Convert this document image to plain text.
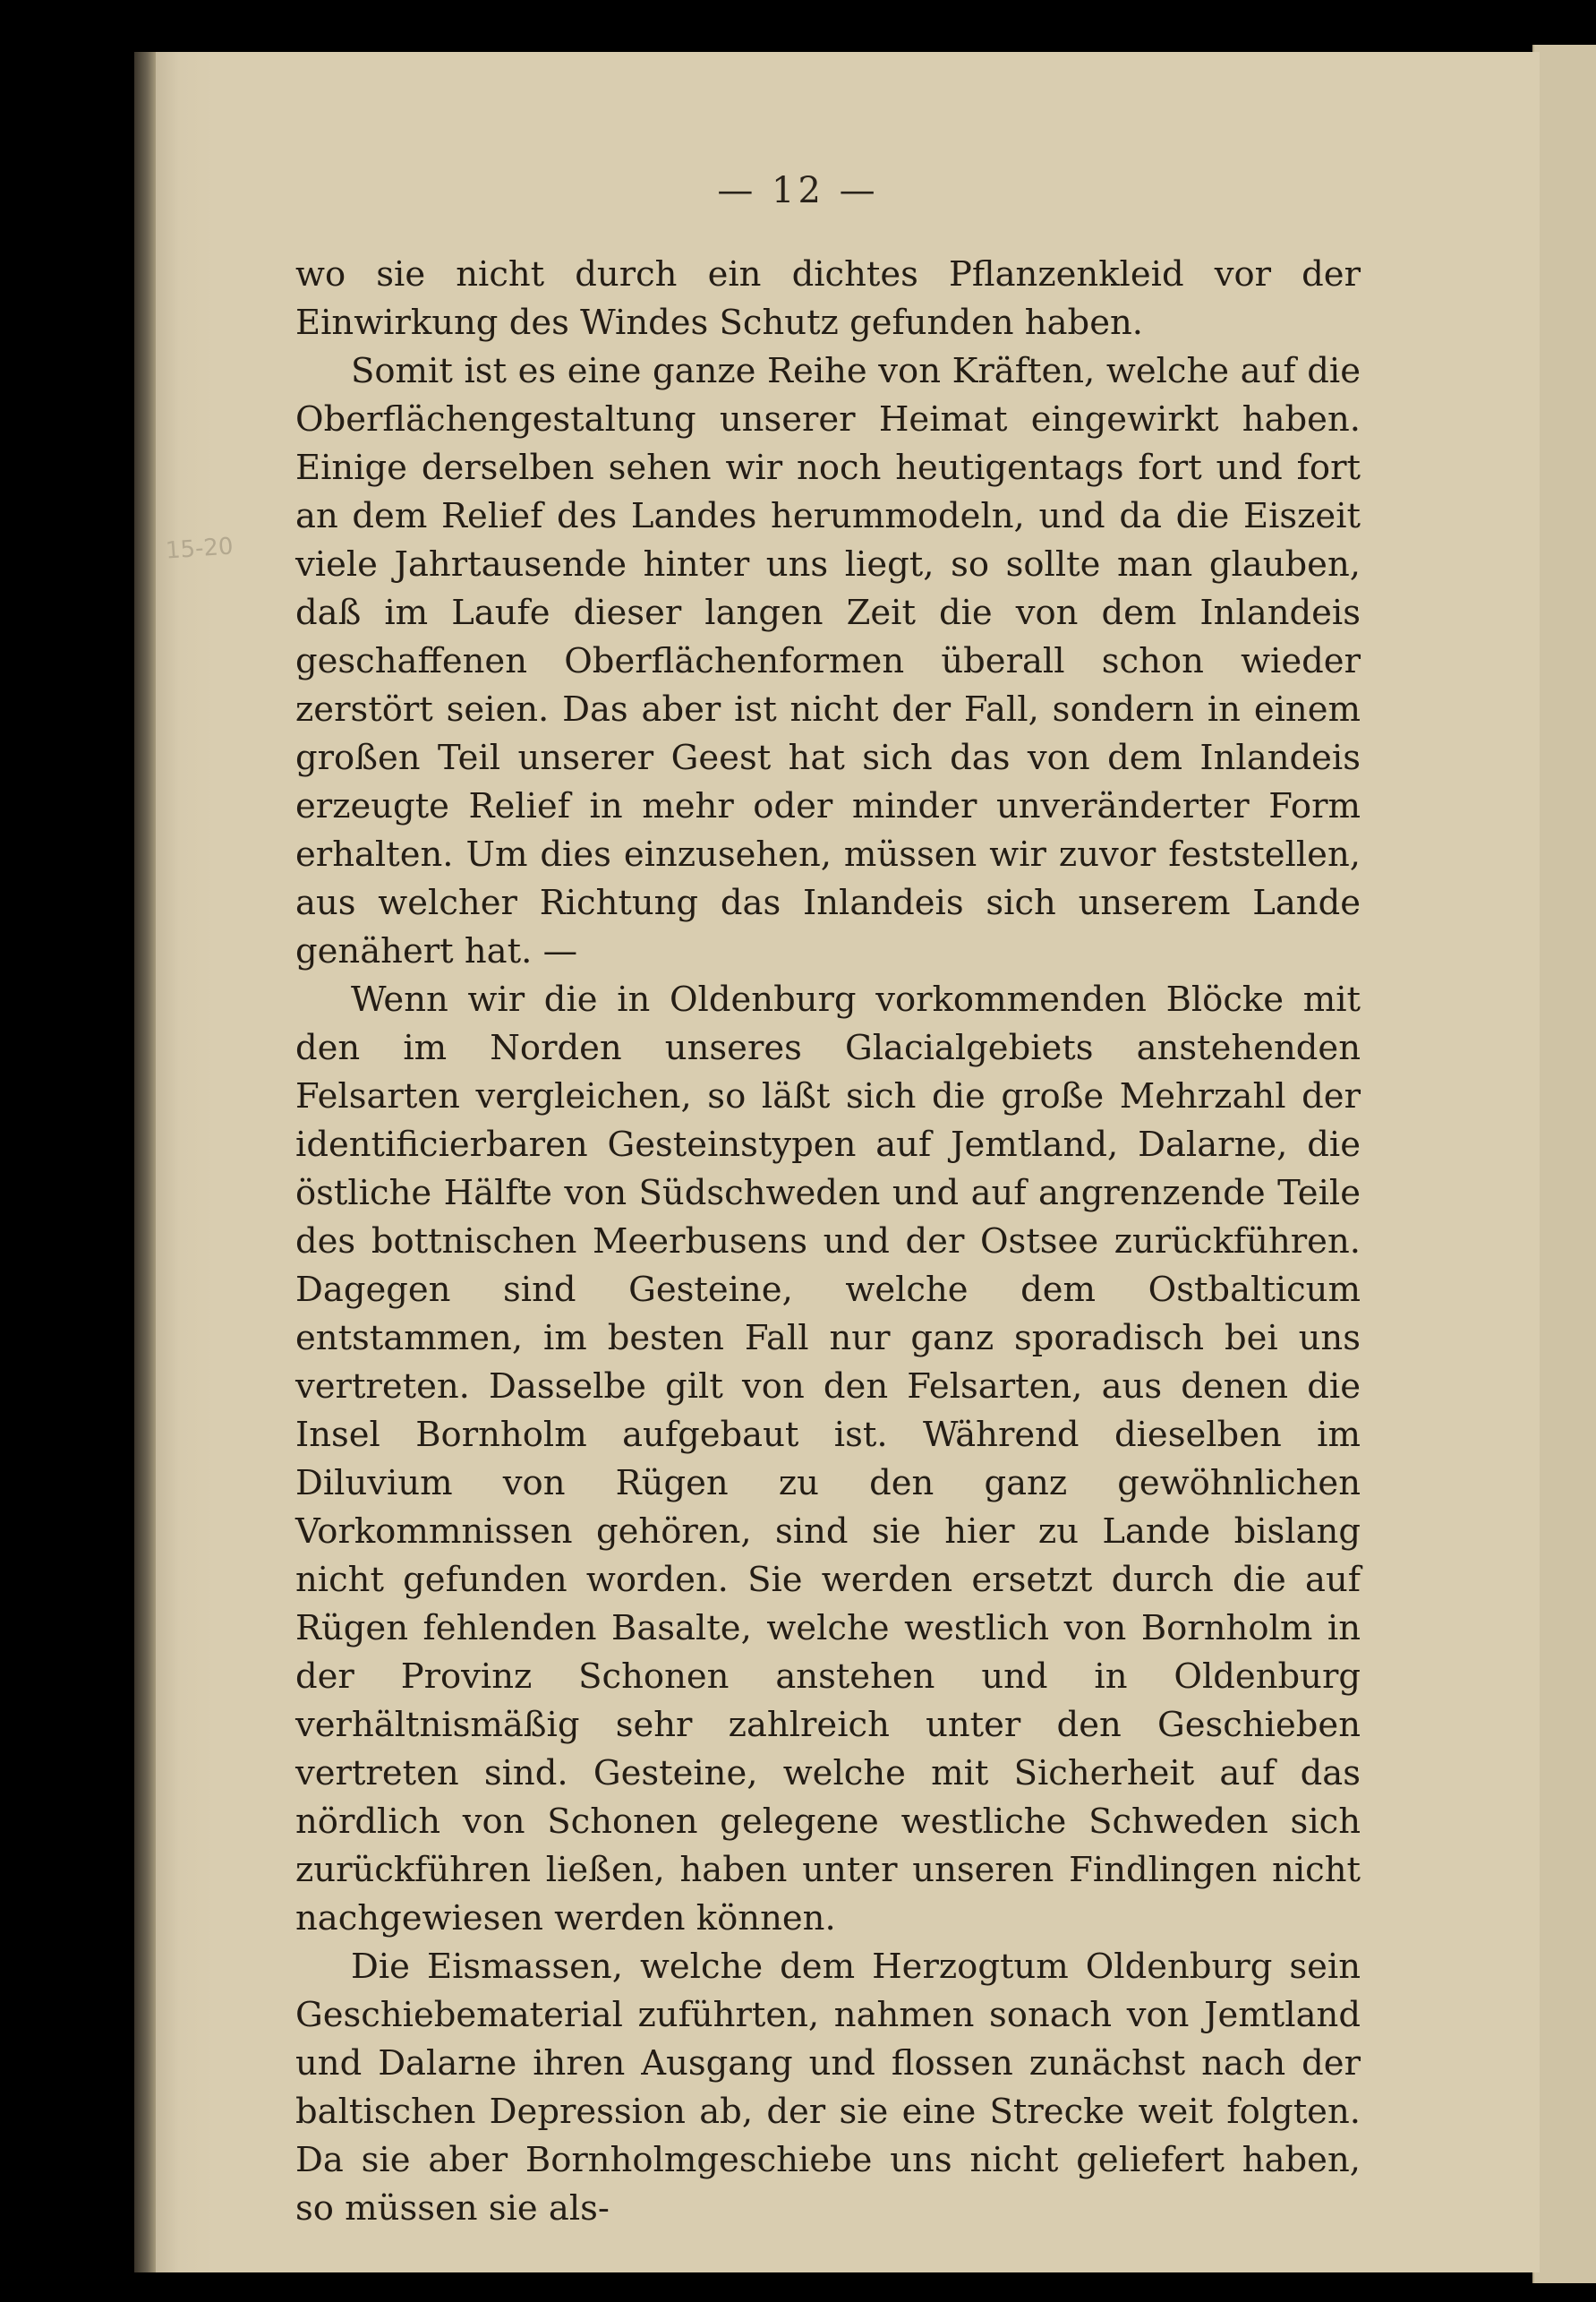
15-20
— 12 —

wo sie nicht durch ein dichtes Pflanzenkleid vor der Einwirkung des Windes Schutz gefunden haben.

Somit ist es eine ganze Reihe von Kräften, welche auf die Oberflächengestaltung unserer Heimat eingewirkt haben. Einige derselben sehen wir noch heutigentags fort und fort an dem Relief des Landes herummodeln, und da die Eiszeit viele Jahrtausende hinter uns liegt, so sollte man glauben, daß im Laufe dieser langen Zeit die von dem Inlandeis geschaffenen Oberflächenformen überall schon wieder zerstört seien. Das aber ist nicht der Fall, sondern in einem großen Teil unserer Geest hat sich das von dem Inlandeis erzeugte Relief in mehr oder minder unveränderter Form erhalten. Um dies einzusehen, müssen wir zuvor feststellen, aus welcher Richtung das Inlandeis sich unserem Lande genähert hat. —

Wenn wir die in Oldenburg vorkommenden Blöcke mit den im Norden unseres Glacialgebiets anstehenden Felsarten vergleichen, so läßt sich die große Mehrzahl der identificierbaren Gesteinstypen auf Jemtland, Dalarne, die östliche Hälfte von Südschweden und auf angrenzende Teile des bottnischen Meerbusens und der Ostsee zurückführen. Dagegen sind Gesteine, welche dem Ostbalticum entstammen, im besten Fall nur ganz sporadisch bei uns vertreten. Dasselbe gilt von den Felsarten, aus denen die Insel Bornholm aufgebaut ist. Während dieselben im Diluvium von Rügen zu den ganz gewöhnlichen Vorkommnissen gehören, sind sie hier zu Lande bislang nicht gefunden worden. Sie werden ersetzt durch die auf Rügen fehlenden Basalte, welche westlich von Bornholm in der Provinz Schonen anstehen und in Oldenburg verhältnismäßig sehr zahlreich unter den Geschieben vertreten sind. Gesteine, welche mit Sicherheit auf das nördlich von Schonen gelegene westliche Schweden sich zurückführen ließen, haben unter unseren Findlingen nicht nachgewiesen werden können.

Die Eismassen, welche dem Herzogtum Oldenburg sein Geschiebematerial zuführten, nahmen sonach von Jemtland und Dalarne ihren Ausgang und flossen zunächst nach der baltischen Depression ab, der sie eine Strecke weit folgten. Da sie aber Bornholmgeschiebe uns nicht geliefert haben, so müssen sie als-
